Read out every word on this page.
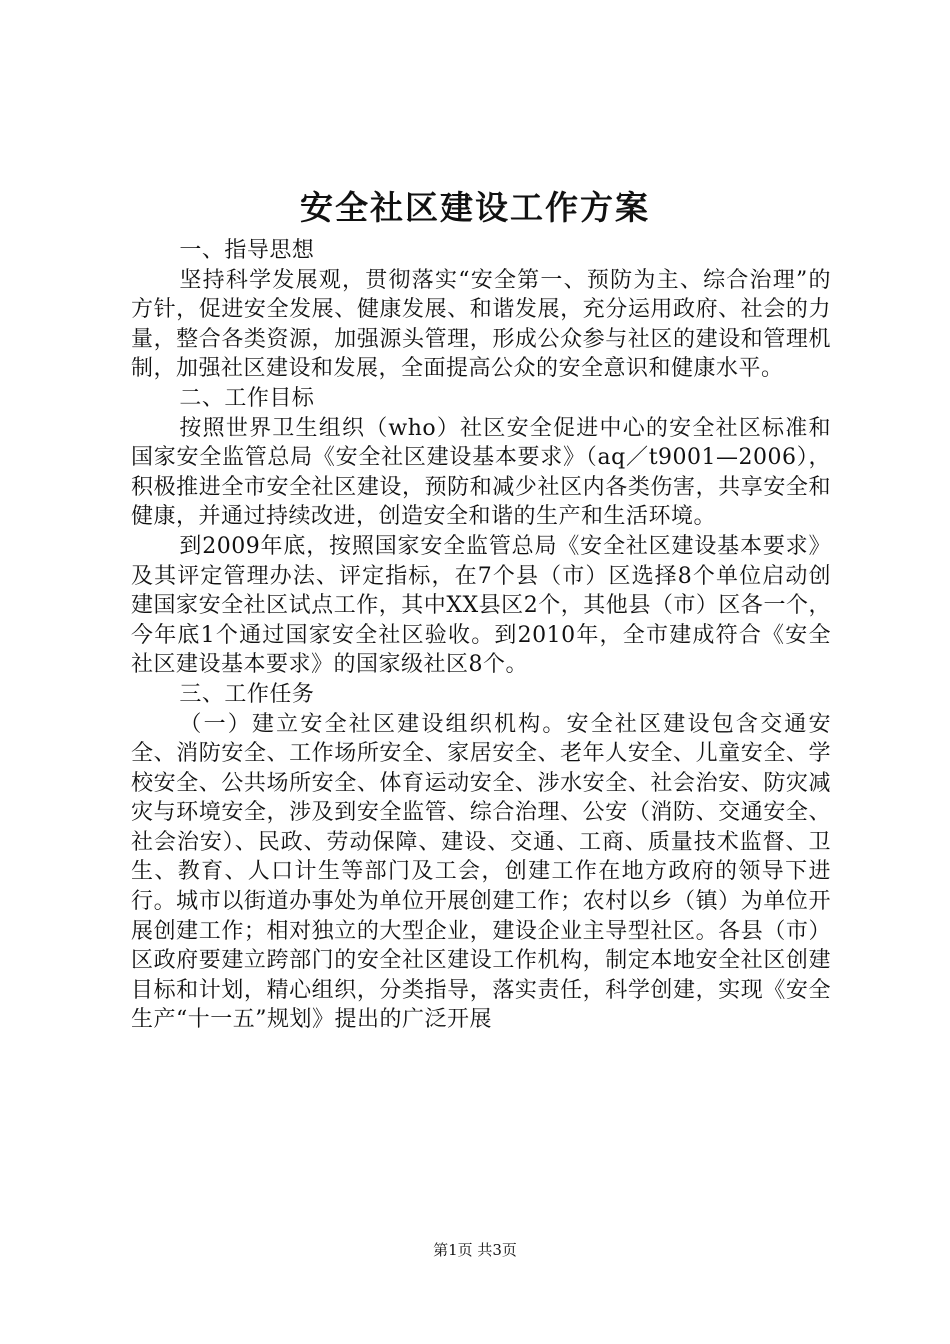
安全社区建设工作方案

一、指导思想

坚持科学发展观，贯彻落实“安全第一、预防为主、综合治理”的方针，促进安全发展、健康发展、和谐发展，充分运用政府、社会的力量，整合各类资源，加强源头管理，形成公众参与社区的建设和管理机制，加强社区建设和发展，全面提高公众的安全意识和健康水平。

二、工作目标

按照世界卫生组织（who）社区安全促进中心的安全社区标准和国家安全监管总局《安全社区建设基本要求》（aq／t9001—2006），积极推进全市安全社区建设，预防和减少社区内各类伤害，共享安全和健康，并通过持续改进，创造安全和谐的生产和生活环境。

到2009年底，按照国家安全监管总局《安全社区建设基本要求》及其评定管理办法、评定指标，在7个县（市）区选择8个单位启动创建国家安全社区试点工作，其中XX县区2个，其他县（市）区各一个，今年底1个通过国家安全社区验收。到2010年，全市建成符合《安全社区建设基本要求》的国家级社区8个。

三、工作任务

（一）建立安全社区建设组织机构。安全社区建设包含交通安全、消防安全、工作场所安全、家居安全、老年人安全、儿童安全、学校安全、公共场所安全、体育运动安全、涉水安全、社会治安、防灾减灾与环境安全，涉及到安全监管、综合治理、公安（消防、交通安全、社会治安）、民政、劳动保障、建设、交通、工商、质量技术监督、卫生、教育、人口计生等部门及工会，创建工作在地方政府的领导下进行。城市以街道办事处为单位开展创建工作；农村以乡（镇）为单位开展创建工作；相对独立的大型企业，建设企业主导型社区。各县（市）区政府要建立跨部门的安全社区建设工作机构，制定本地安全社区创建目标和计划，精心组织，分类指导，落实责任，科学创建，实现《安全生产“十一五”规划》提出的广泛开展

第1页 共3页
